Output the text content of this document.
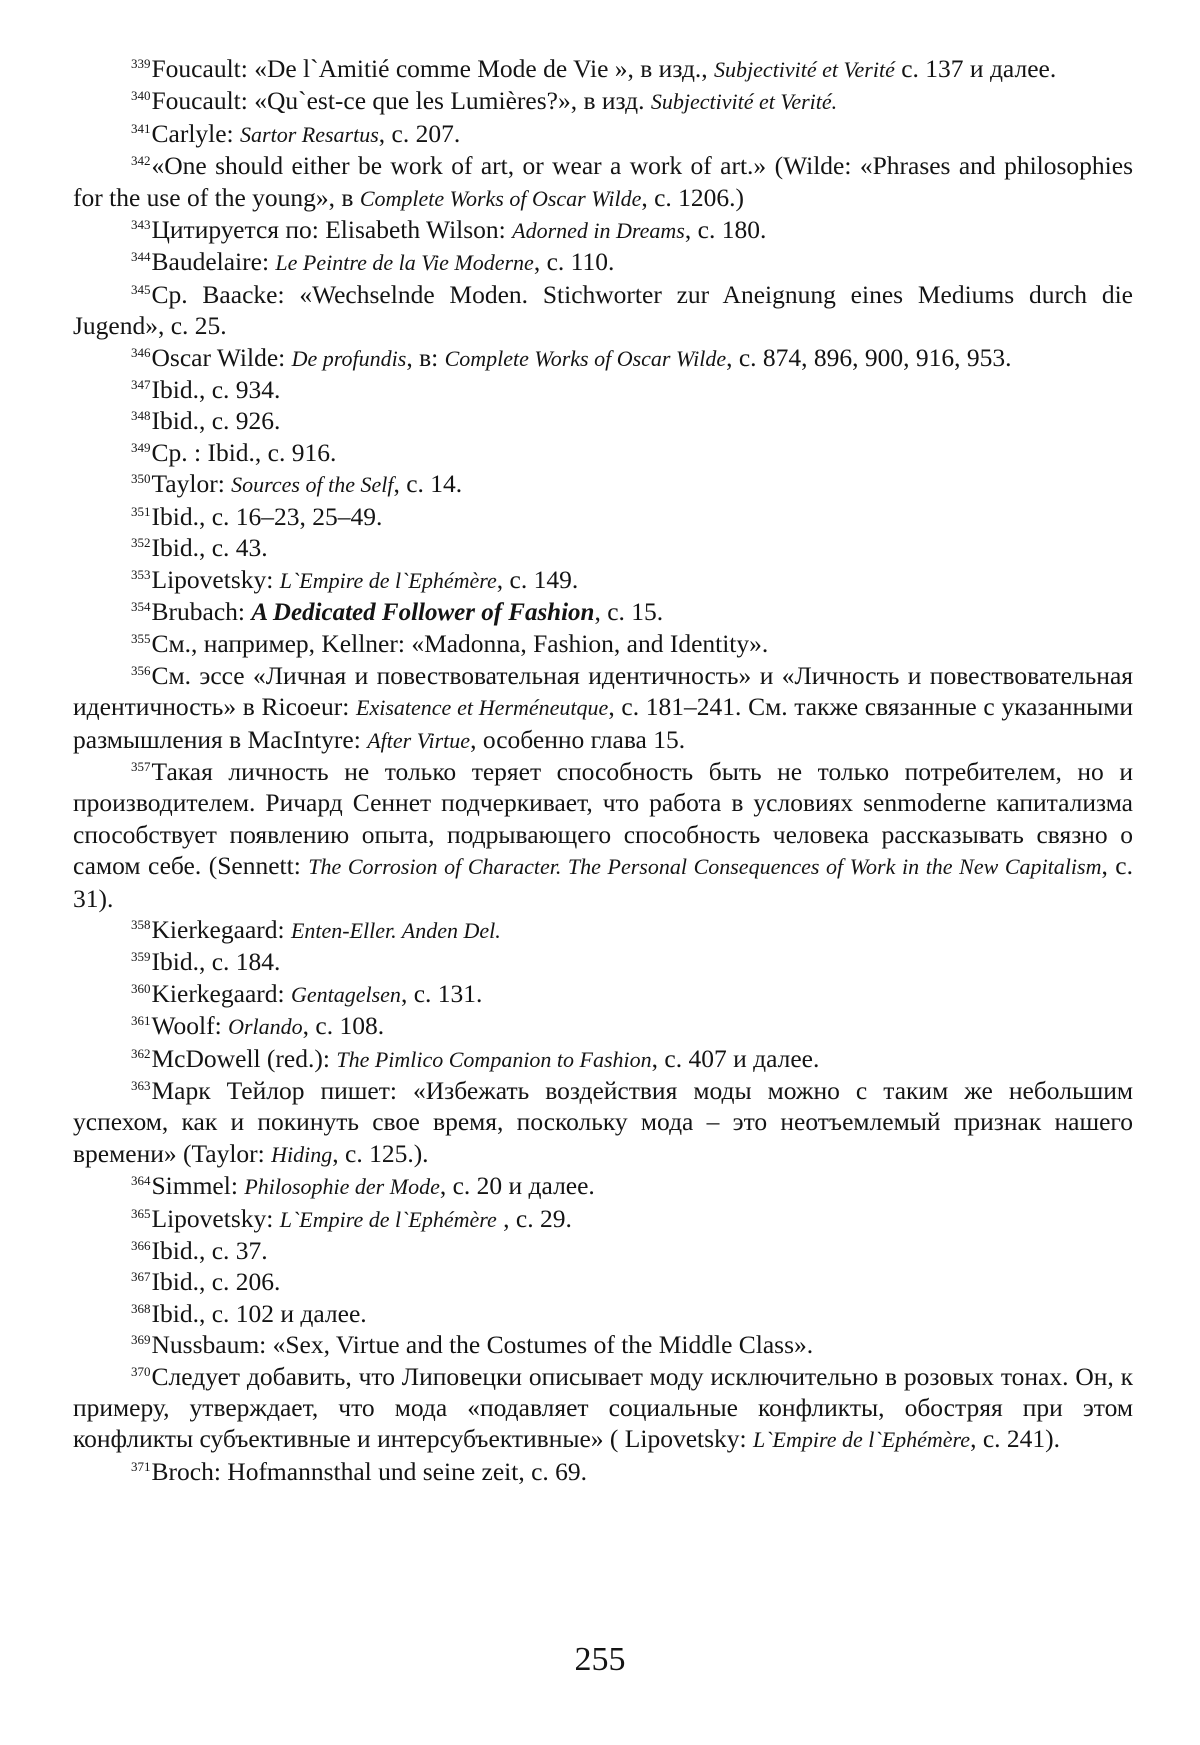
$^{339}$Foucault: «De l`Amitié comme Mode de Vie », в изд., Subjectivité et Verité с. 137 и далее.

$^{340}$Foucault: «Qu`est-ce que les Lumières?», в изд. Subjectivité et Verité.

$^{341}$Carlyle: Sartor Resartus, с. 207.

$^{342}$«One should either be work of art, or wear a work of art.» (Wilde: «Phrases and philosophies for the use of the young», в Complete Works of Oscar Wilde, с. 1206.)

$^{343}$Цитируется по: Elisabeth Wilson: Adorned in Dreams, с. 180.

$^{344}$Baudelaire: Le Peintre de la Vie Moderne, с. 110.

$^{345}$Ср. Baacke: «Wechselnde Moden. Stichworter zur Aneignung eines Mediums durch die Jugend», с. 25.

$^{346}$Oscar Wilde: De profundis, в: Complete Works of Oscar Wilde, с. 874, 896, 900, 916, 953.

$^{347}$Ibid., с. 934.

$^{348}$Ibid., с. 926.

$^{349}$Ср. : Ibid., с. 916.

$^{350}$Taylor: Sources of the Self, с. 14.

$^{351}$Ibid., с. 16–23, 25–49.

$^{352}$Ibid., с. 43.

$^{353}$Lipovetsky: L`Empire de l`Ephémère, с. 149.

$^{354}$Brubach: A Dedicated Follower of Fashion, с. 15.

$^{355}$См., например, Kellner: «Madonna, Fashion, and Identity».

$^{356}$См. эссе «Личная и повествовательная идентичность» и «Личность и повествовательная идентичность» в Ricoeur: Exisatence et Herméneutque, с. 181–241. См. также связанные с указанными размышления в MacIntyre: After Virtue, особенно глава 15.

$^{357}$Такая личность не только теряет способность быть не только потребителем, но и производителем. Ричард Сеннет подчеркивает, что работа в условиях senmoderne капитализма способствует появлению опыта, подрывающего способность человека рассказывать связно о самом себе. (Sennett: The Corrosion of Character. The Personal Consequences of Work in the New Capitalism, с. 31).

$^{358}$Kierkegaard: Enten-Eller. Anden Del.

$^{359}$Ibid., с. 184.

$^{360}$Kierkegaard: Gentagelsen, с. 131.

$^{361}$Woolf: Orlando, с. 108.

$^{362}$McDowell (red.): The Pimlico Companion to Fashion, с. 407 и далее.

$^{363}$Марк Тейлор пишет: «Избежать воздействия моды можно с таким же небольшим успехом, как и покинуть свое время, поскольку мода – это неотъемлемый признак нашего времени» (Taylor: Hiding, с. 125.).

$^{364}$Simmel: Philosophie der Mode, с. 20 и далее.

$^{365}$Lipovetsky: L`Empire de l`Ephémère , с. 29.

$^{366}$Ibid., с. 37.

$^{367}$Ibid., с. 206.

$^{368}$Ibid., с. 102 и далее.

$^{369}$Nussbaum: «Sex, Virtue and the Costumes of the Middle Class».

$^{370}$Следует добавить, что Липовецки описывает моду исключительно в розовых тонах. Он, к примеру, утверждает, что мода «подавляет социальные конфликты, обостряя при этом конфликты субъективные и интерсубъективные» ( Lipovetsky: L`Empire de l`Ephémère, с. 241).

$^{371}$Broch: Hofmannsthal und seine zeit, с. 69.

255
